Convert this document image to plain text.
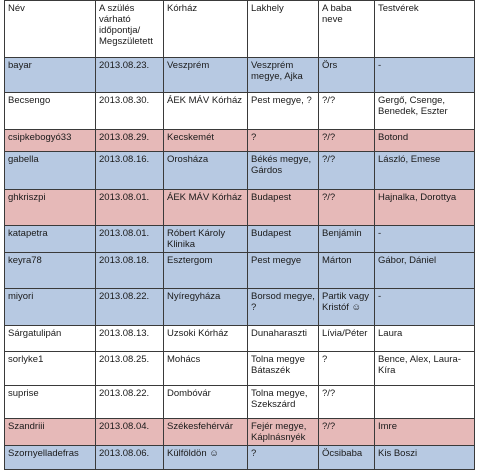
Név	A szülés várható időpontja/ Megszületett	Kórház	Lakhely	A baba neve	Testvérek
bayar	2013.08.23.	Veszprém	Veszprém megye, Ajka	Örs	-
Becsengo	2013.08.30.	ÁEK MÁV Kórház	Pest megye, ?	?/?	Gergő, Csenge, Benedek, Eszter
csipkebogyó33	2013.08.29.	Kecskemét	?	?/?	Botond
gabella	2013.08.16.	Orosháza	Békés megye, Gárdos	?/?	László, Emese
ghkriszpi	2013.08.01.	ÁEK MÁV Kórház	Budapest	?/?	Hajnalka, Dorottya
katapetra	2013.08.01.	Róbert Károly Klinika	Budapest	Benjámin	-
keyra78	2013.08.18.	Esztergom	Pest megye	Márton	Gábor, Dániel
miyori	2013.08.22.	Nyíregyháza	Borsod megye, ?	Partik vagy Kristóf ☺	-
Sárgatulipán	2013.08.13.	Uzsoki Kórház	Dunaharaszti	Lívia/Péter	Laura
sorlyke1	2013.08.25.	Mohács	Tolna megye Bátaszék	?	Bence, Alex, Laura-Kíra
suprise	2013.08.22.	Dombóvár	Tolna megye, Szekszárd	?/?	
Szandriii	2013.08.04.	Székesfehérvár	Fejér megye, Káplnásnyék	?/?	Imre
Szornyelladefras	2013.08.06.	Külföldön ☺	?	Öcsibaba	Kis Boszi
